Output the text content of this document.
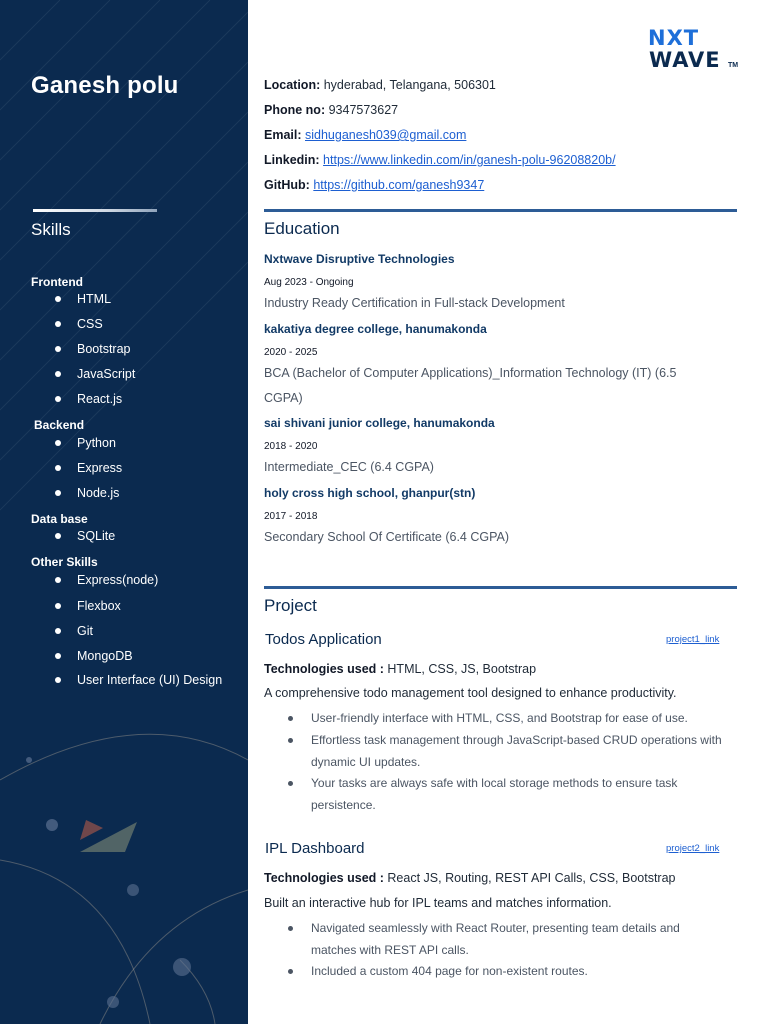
Ganesh polu
Skills
Frontend
HTML
CSS
Bootstrap
JavaScript
React.js
Backend
Python
Express
Node.js
Data base
SQLite
Other Skills
Express(node)
Flexbox
Git
MongoDB
User Interface (UI) Design
NXT
WAVE TM
Location: hyderabad, Telangana, 506301
Phone no: 9347573627
Email: sidhuganesh039@gmail.com
Linkedin: https://www.linkedin.com/in/ganesh-polu-96208820b/
GitHub: https://github.com/ganesh9347
Education
Nxtwave Disruptive Technologies
Aug 2023 - Ongoing
Industry Ready Certification in Full-stack Development
kakatiya degree college, hanumakonda
2020 - 2025
BCA (Bachelor of Computer Applications)_Information Technology (IT) (6.5 CGPA)
sai shivani junior college, hanumakonda
2018 - 2020
Intermediate_CEC (6.4 CGPA)
holy cross high school, ghanpur(stn)
2017 - 2018
Secondary School Of Certificate (6.4 CGPA)
Project
Todos Application	project1_link
Technologies used : HTML, CSS, JS, Bootstrap
A comprehensive todo management tool designed to enhance productivity.
User-friendly interface with HTML, CSS, and Bootstrap for ease of use.
Effortless task management through JavaScript-based CRUD operations with dynamic UI updates.
Your tasks are always safe with local storage methods to ensure task persistence.
IPL Dashboard	project2_link
Technologies used : React JS, Routing, REST API Calls, CSS, Bootstrap
Built an interactive hub for IPL teams and matches information.
Navigated seamlessly with React Router, presenting team details and matches with REST API calls.
Included a custom 404 page for non-existent routes.
